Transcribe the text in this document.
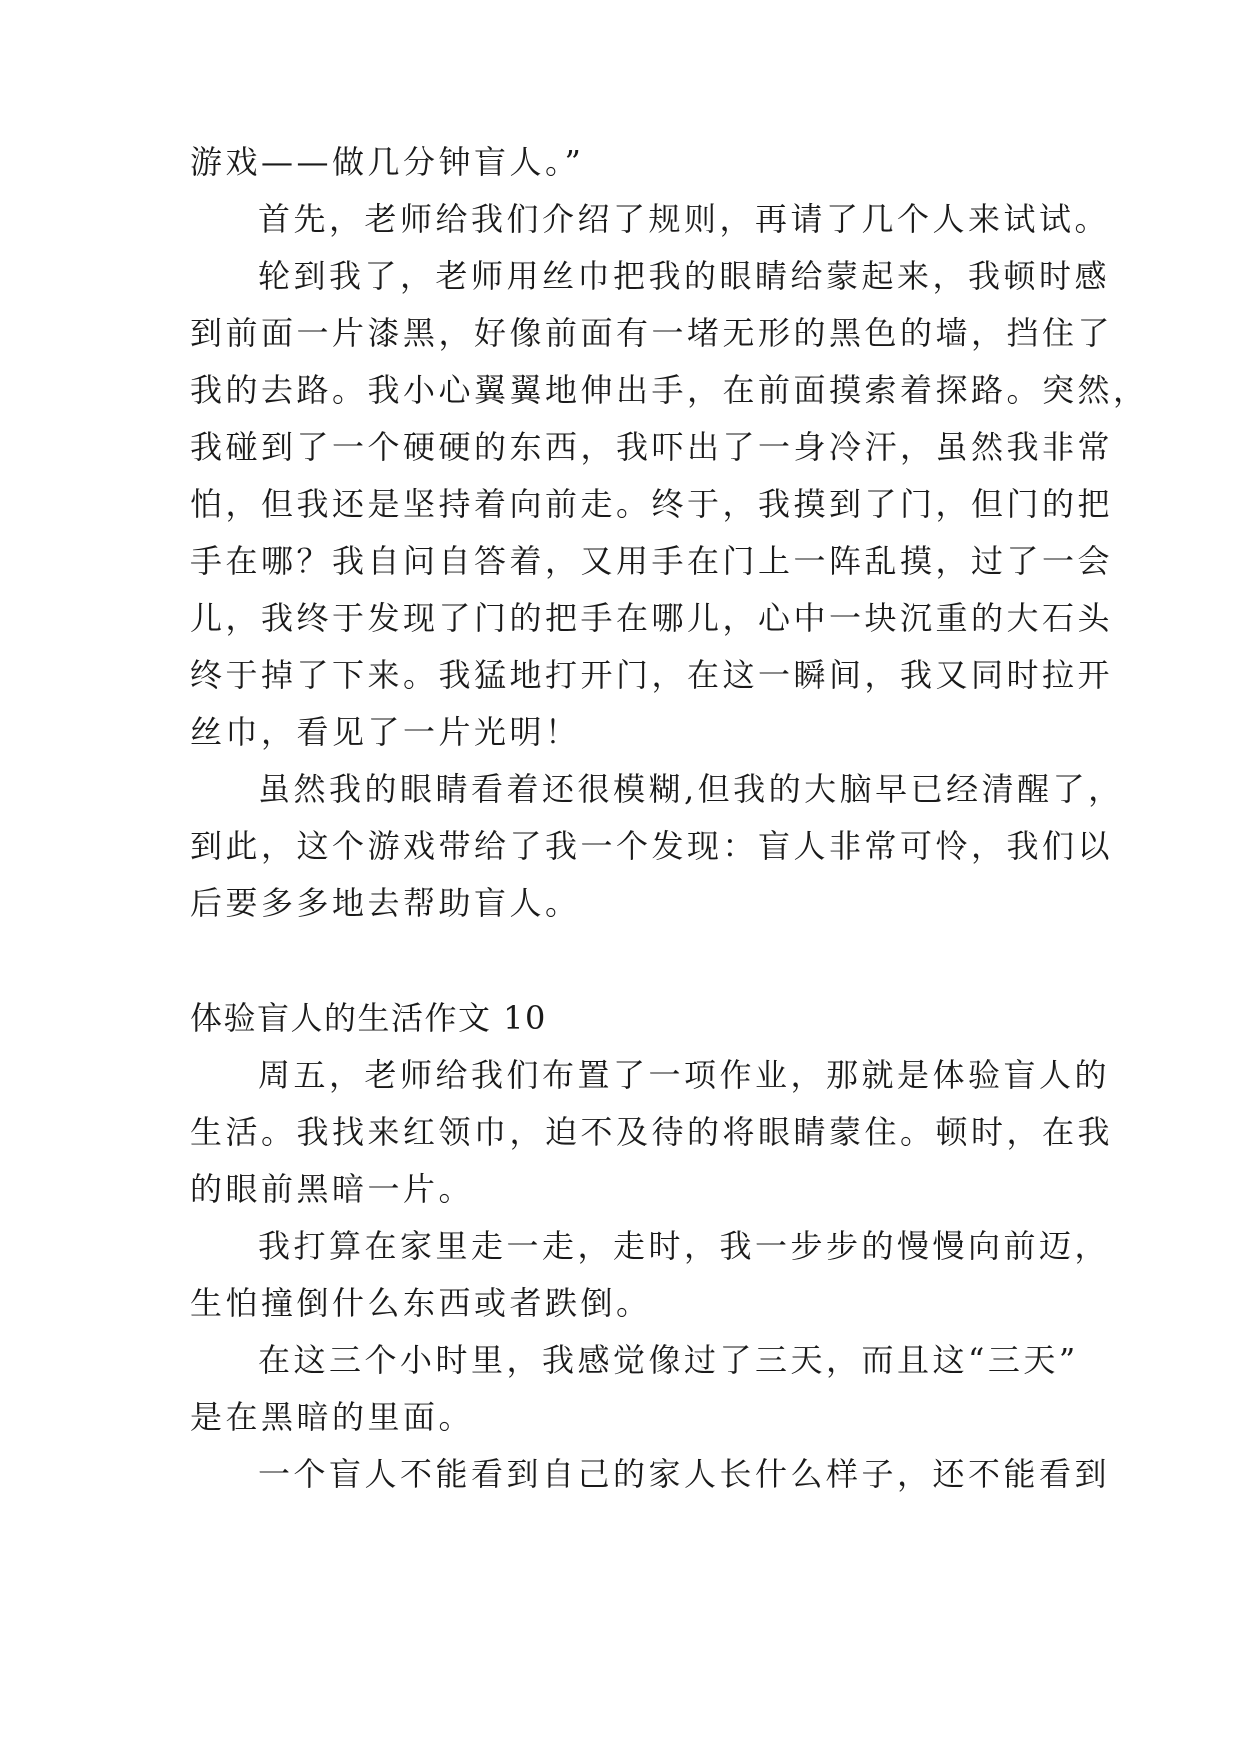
游戏——做几分钟盲人。”
首先，老师给我们介绍了规则，再请了几个人来试试。
轮到我了，老师用丝巾把我的眼睛给蒙起来，我顿时感
到前面一片漆黑，好像前面有一堵无形的黑色的墙，挡住了
我的去路。我小心翼翼地伸出手，在前面摸索着探路。突然，
我碰到了一个硬硬的东西，我吓出了一身冷汗，虽然我非常
怕，但我还是坚持着向前走。终于，我摸到了门，但门的把
手在哪？我自问自答着，又用手在门上一阵乱摸，过了一会
儿，我终于发现了门的把手在哪儿，心中一块沉重的大石头
终于掉了下来。我猛地打开门，在这一瞬间，我又同时拉开
丝巾，看见了一片光明！
虽然我的眼睛看着还很模糊,但我的大脑早已经清醒了，
到此，这个游戏带给了我一个发现：盲人非常可怜，我们以
后要多多地去帮助盲人。
体验盲人的生活作文 10
周五，老师给我们布置了一项作业，那就是体验盲人的
生活。我找来红领巾，迫不及待的将眼睛蒙住。顿时，在我
的眼前黑暗一片。
我打算在家里走一走，走时，我一步步的慢慢向前迈，
生怕撞倒什么东西或者跌倒。
在这三个小时里，我感觉像过了三天，而且这“三天”
是在黑暗的里面。
一个盲人不能看到自己的家人长什么样子，还不能看到
